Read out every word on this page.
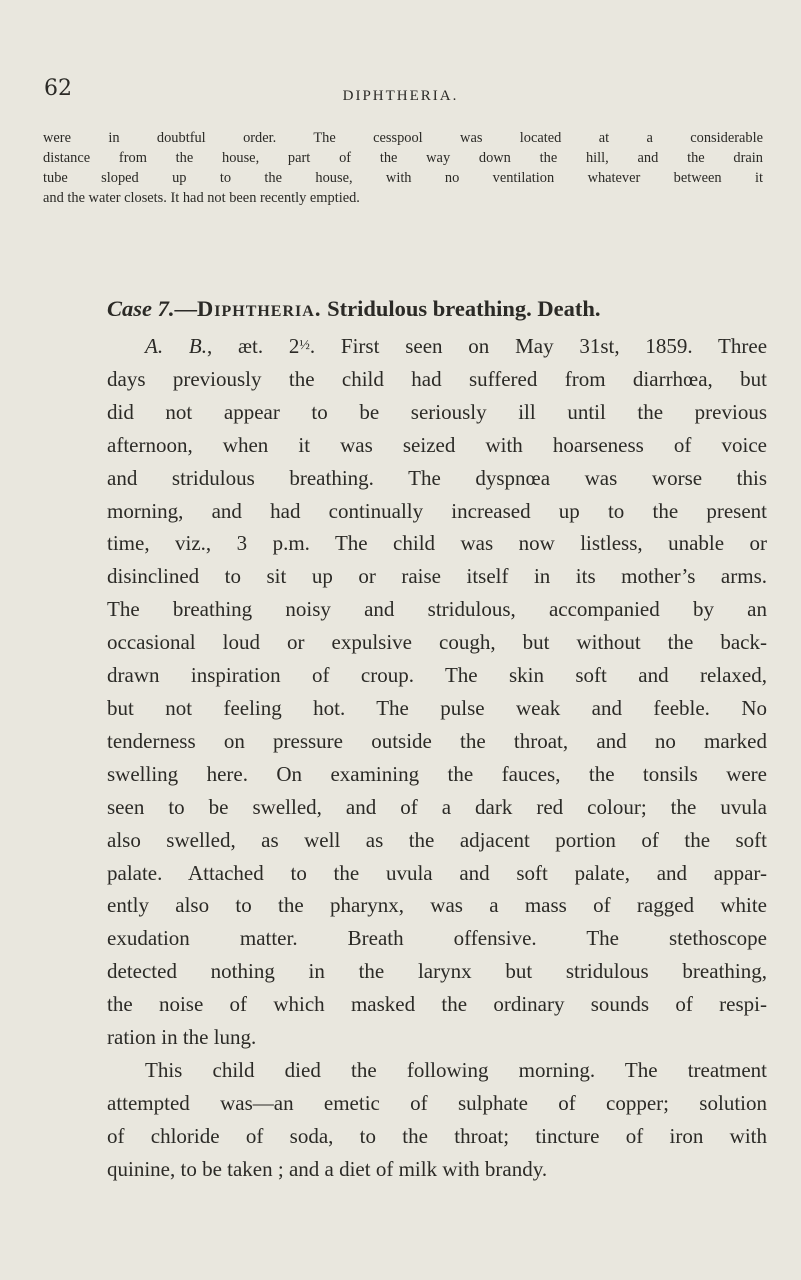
62	DIPHTHERIA.

were in doubtful order. The cesspool was located at a considerable
distance from the house, part of the way down the hill, and the drain
tube sloped up to the house, with no ventilation whatever between it
and the water closets. It had not been recently emptied.

Case 7.—Diphtheria. Stridulous breathing. Death.
A. B., æt. 2½. First seen on May 31st, 1859. Three
days previously the child had suffered from diarrhœa, but
did not appear to be seriously ill until the previous
afternoon, when it was seized with hoarseness of voice
and stridulous breathing. The dyspnœa was worse this
morning, and had continually increased up to the present
time, viz., 3 p.m. The child was now listless, unable or
disinclined to sit up or raise itself in its mother’s arms.
The breathing noisy and stridulous, accompanied by an
occasional loud or expulsive cough, but without the back-
drawn inspiration of croup. The skin soft and relaxed,
but not feeling hot. The pulse weak and feeble. No
tenderness on pressure outside the throat, and no marked
swelling here. On examining the fauces, the tonsils were
seen to be swelled, and of a dark red colour; the uvula
also swelled, as well as the adjacent portion of the soft
palate. Attached to the uvula and soft palate, and appar-
ently also to the pharynx, was a mass of ragged white
exudation matter. Breath offensive. The stethoscope
detected nothing in the larynx but stridulous breathing,
the noise of which masked the ordinary sounds of respi-
ration in the lung.
This child died the following morning. The treatment
attempted was—an emetic of sulphate of copper; solution
of chloride of soda, to the throat; tincture of iron with
quinine, to be taken ; and a diet of milk with brandy.
